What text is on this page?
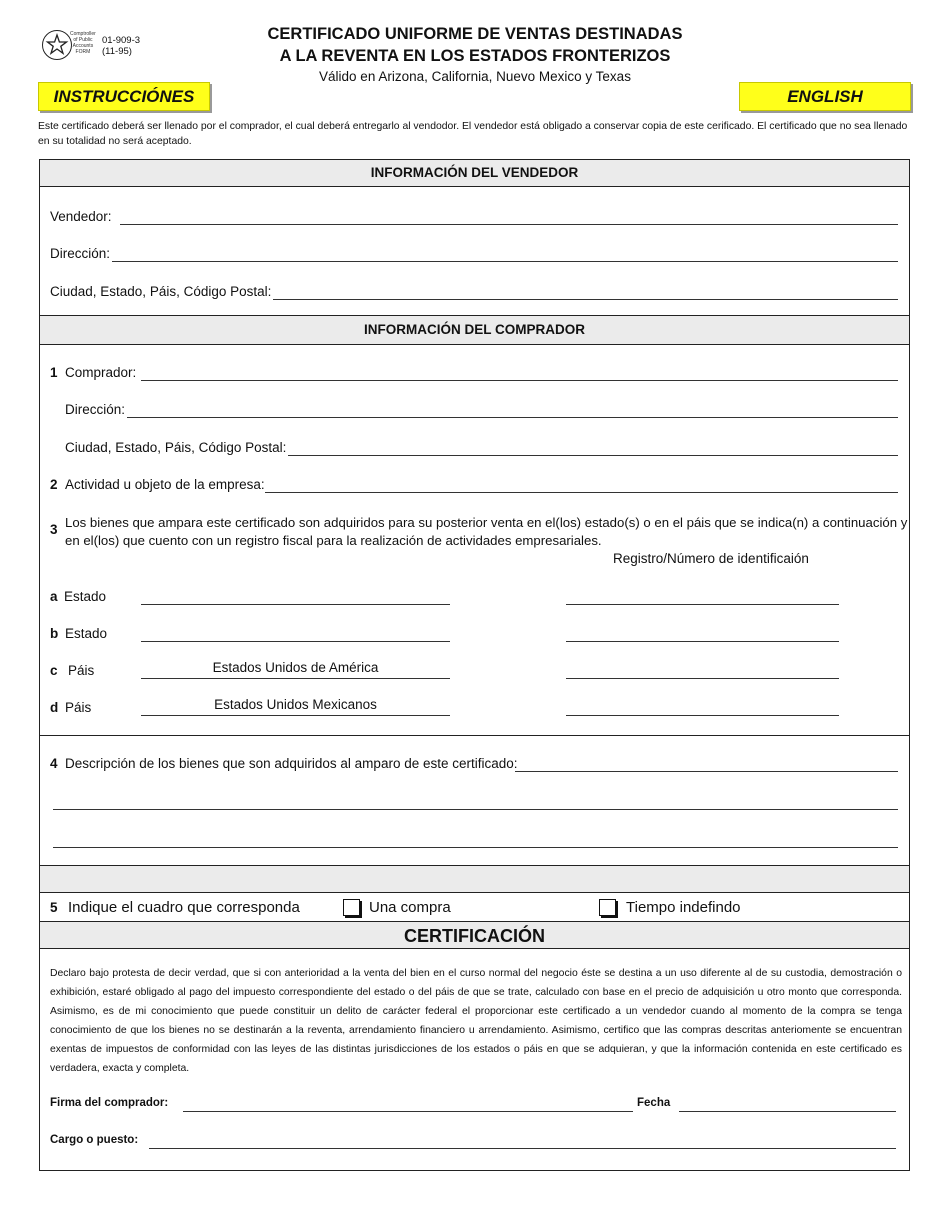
Comptroller
of Public
Accounts
FORM
01-909-3
(11-95)
CERTIFICADO UNIFORME DE VENTAS DESTINADAS
A LA REVENTA EN LOS ESTADOS FRONTERIZOS
Válido en Arizona, California, Nuevo Mexico y Texas
INSTRUCCIÓNES	ENGLISH
Este certificado deberá ser llenado por el comprador, el cual deberá entregarlo al vendodor. El vendedor está obligado a conservar copia de este cerificado. El certificado que no sea llenado en su totalidad no será aceptado.
INFORMACIÓN DEL VENDEDOR
Vendedor:
Dirección:
Ciudad, Estado, Páis, Código Postal:
INFORMACIÓN DEL COMPRADOR
1 Comprador:
Dirección:
Ciudad, Estado, Páis, Código Postal:
2 Actividad u objeto de la empresa:
3 Los bienes que ampara este certificado son adquiridos para su posterior venta en el(los) estado(s) o en el páis que se indica(n) a continuación y en el(los) que cuento con un registro fiscal para la realización de actividades empresariales.
Registro/Número de identificaión
a Estado
b Estado
c Páis	Estados Unidos de América
d Páis	Estados Unidos Mexicanos
4 Descripción de los bienes que son adquiridos al amparo de este certificado:
5 Indique el cuadro que corresponda	Una compra	Tiempo indefindo
CERTIFICACIÓN
Declaro bajo protesta de decir verdad, que si con anterioridad a la venta del bien en el curso normal del negocio éste se destina a un uso diferente al de su custodia, demostración o exhibición, estaré obligado al pago del impuesto correspondiente del estado o del páis de que se trate, calculado con base en el precio de adquisición u otro monto que corresponda. Asimismo, es de mi conocimiento que puede constituir un delito de carácter federal el proporcionar este certificado a un vendedor cuando al momento de la compra se tenga conocimiento de que los bienes no se destinarán a la reventa, arrendamiento financiero u arrendamiento. Asimismo, certifico que las compras descritas anteriomente se encuentran exentas de impuestos de conformidad con las leyes de las distintas jurisdicciones de los estados o páis en que se adquieran, y que la información contenida en este certificado es verdadera, exacta y completa.
Firma del comprador:	Fecha
Cargo o puesto:
